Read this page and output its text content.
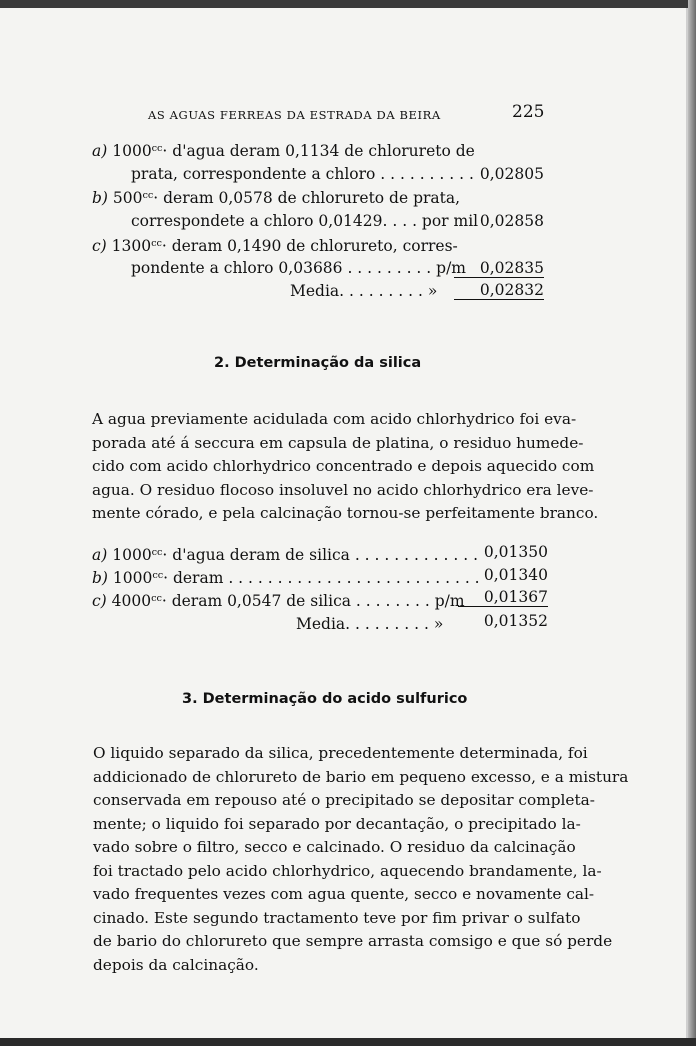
AS AGUAS FERREAS DA ESTRADA DA BEIRA	225
a) 1000ᶜᶜ· d'agua deram 0,1134 de chlorureto de
prata, correspondente a chloro . . . . . . . . . . 0,02805
b) 500ᶜᶜ· deram 0,0578 de chlorureto de prata,
correspondete a chloro 0,01429. . . . por mil 0,02858
c) 1300ᶜᶜ· deram 0,1490 de chlorureto, corres-
pondente a chloro 0,03686 . . . . . . . . . p/m 0,02835
Media. . . . . . . . . »	0,02832
2. Determinação da silica
A agua previamente acidulada com acido chlorhydrico foi eva-
porada até á seccura em capsula de platina, o residuo humede-
cido com acido chlorhydrico concentrado e depois aquecido com
agua. O residuo flocoso insoluvel no acido chlorhydrico era leve-
mente córado, e pela calcinação tornou-se perfeitamente branco.
a) 1000ᶜᶜ· d'agua deram de silica . . . . . . . . . . . . . 0,01350
b) 1000ᶜᶜ· deram . . . . . . . . . . . . . . . . . . . . . . . . . . 0,01340
c) 4000ᶜᶜ· deram 0,0547 de silica . . . . . . . . p/m	0,01367
Media. . . . . . . . . »	0,01352
3. Determinação do acido sulfurico
O liquido separado da silica, precedentemente determinada, foi
addicionado de chlorureto de bario em pequeno excesso, e a mistura
conservada em repouso até o precipitado se depositar completa-
mente; o liquido foi separado por decantação, o precipitado la-
vado sobre o filtro, secco e calcinado. O residuo da calcinação
foi tractado pelo acido chlorhydrico, aquecendo brandamente, la-
vado frequentes vezes com agua quente, secco e novamente cal-
cinado. Este segundo tractamento teve por fim privar o sulfato
de bario do chlorureto que sempre arrasta comsigo e que só perde
depois da calcinação.
